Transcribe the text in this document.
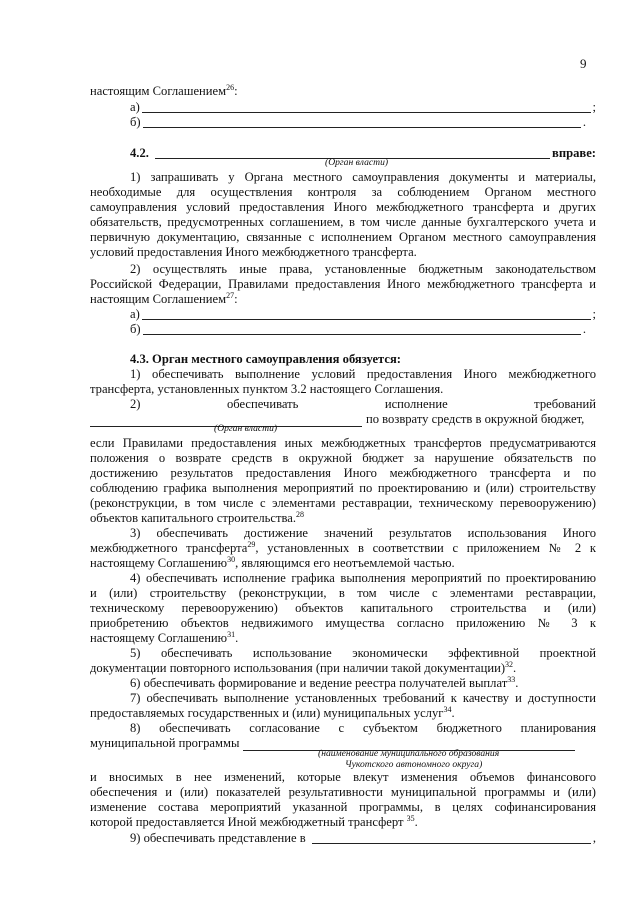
9
настоящим Соглашением$^{26}$:
а)	;
б)	.
4.2.	вправе:
(Орган власти)
1) запрашивать у Органа местного самоуправления документы и материалы,
необходимые для осуществления контроля за соблюдением Органом местного
самоуправления условий предоставления Иного межбюджетного трансферта и других
обязательств, предусмотренных соглашением, в том числе данные бухгалтерского учета и
первичную документацию, связанные с исполнением Органом местного самоуправления
условий предоставления Иного межбюджетного трансферта.
2) осуществлять иные права, установленные бюджетным законодательством
Российской Федерации, Правилами предоставления Иного межбюджетного трансферта и
настоящим Соглашением$^{27}$:
а)	;
б)	.
4.3. Орган местного самоуправления обязуется:
1) обеспечивать выполнение условий предоставления Иного межбюджетного
трансферта, установленных пунктом 3.2 настоящего Соглашения.
2)	обеспечивать	исполнение	требований
по возврату средств в окружной бюджет,
(Орган власти)
если Правилами предоставления иных межбюджетных трансфертов предусматриваются
положения о возврате средств в окружной бюджет за нарушение обязательств по
достижению результатов предоставления Иного межбюджетного трансферта и по
соблюдению графика выполнения мероприятий по проектированию и (или) строительству
(реконструкции, в том числе с элементами реставрации, техническому перевооружению)
объектов капитального строительства.$^{28}$
3) обеспечивать достижение значений результатов использования Иного
межбюджетного трансферта$^{29}$, установленных в соответствии с приложением № 2 к
настоящему Соглашению$^{30}$, являющимся его неотъемлемой частью.
4) обеспечивать исполнение графика выполнения мероприятий по проектированию
и (или) строительству (реконструкции, в том числе с элементами реставрации,
техническому перевооружению) объектов капитального строительства и (или)
приобретению объектов недвижимого имущества согласно приложению № 3 к
настоящему Соглашению$^{31}$.
5) обеспечивать использование экономически эффективной проектной
документации повторного использования (при наличии такой документации)$^{32}$.
6) обеспечивать формирование и ведение реестра получателей выплат$^{33}$.
7) обеспечивать выполнение установленных требований к качеству и доступности
предоставляемых государственных и (или) муниципальных услуг$^{34}$.
8) обеспечивать согласование с субъектом бюджетного планирования
муниципальной программы
(наименование муниципального образования
Чукотского автономного округа)
и вносимых в нее изменений, которые влекут изменения объемов финансового
обеспечения и (или) показателей результативности муниципальной программы и (или)
изменение состава мероприятий указанной программы, в целях софинансирования
которой предоставляется Иной межбюджетный трансферт $^{35}$.
9) обеспечивать представление в	,
